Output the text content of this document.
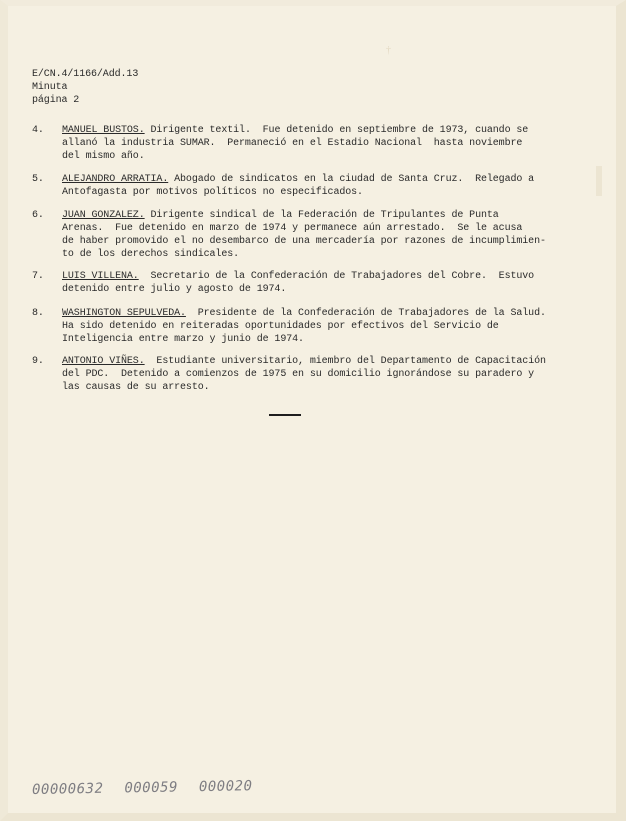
†
E/CN.4/1166/Add.13
Minuta
página 2
4.	MANUEL BUSTOS. Dirigente textil.  Fue detenido en septiembre de 1973, cuando se
allanó la industria SUMAR.  Permaneció en el Estadio Nacional  hasta noviembre
del mismo año.
5.	ALEJANDRO ARRATIA. Abogado de sindicatos en la ciudad de Santa Cruz.  Relegado a
Antofagasta por motivos políticos no especificados.
6.	JUAN GONZALEZ. Dirigente sindical de la Federación de Tripulantes de Punta
Arenas.  Fue detenido en marzo de 1974 y permanece aún arrestado.  Se le acusa
de haber promovido el no desembarco de una mercadería por razones de incumplimien-
to de los derechos sindicales.
7.	LUIS VILLENA.  Secretario de la Confederación de Trabajadores del Cobre.  Estuvo
detenido entre julio y agosto de 1974.
8.	WASHINGTON SEPULVEDA.  Presidente de la Confederación de Trabajadores de la Salud.
Ha sido detenido en reiteradas oportunidades por efectivos del Servicio de
Inteligencia entre marzo y junio de 1974.
9.	ANTONIO VIÑES.  Estudiante universitario, miembro del Departamento de Capacitación
del PDC.  Detenido a comienzos de 1975 en su domicilio ignorándose su paradero y
las causas de su arresto.
00000632 000059 000020
